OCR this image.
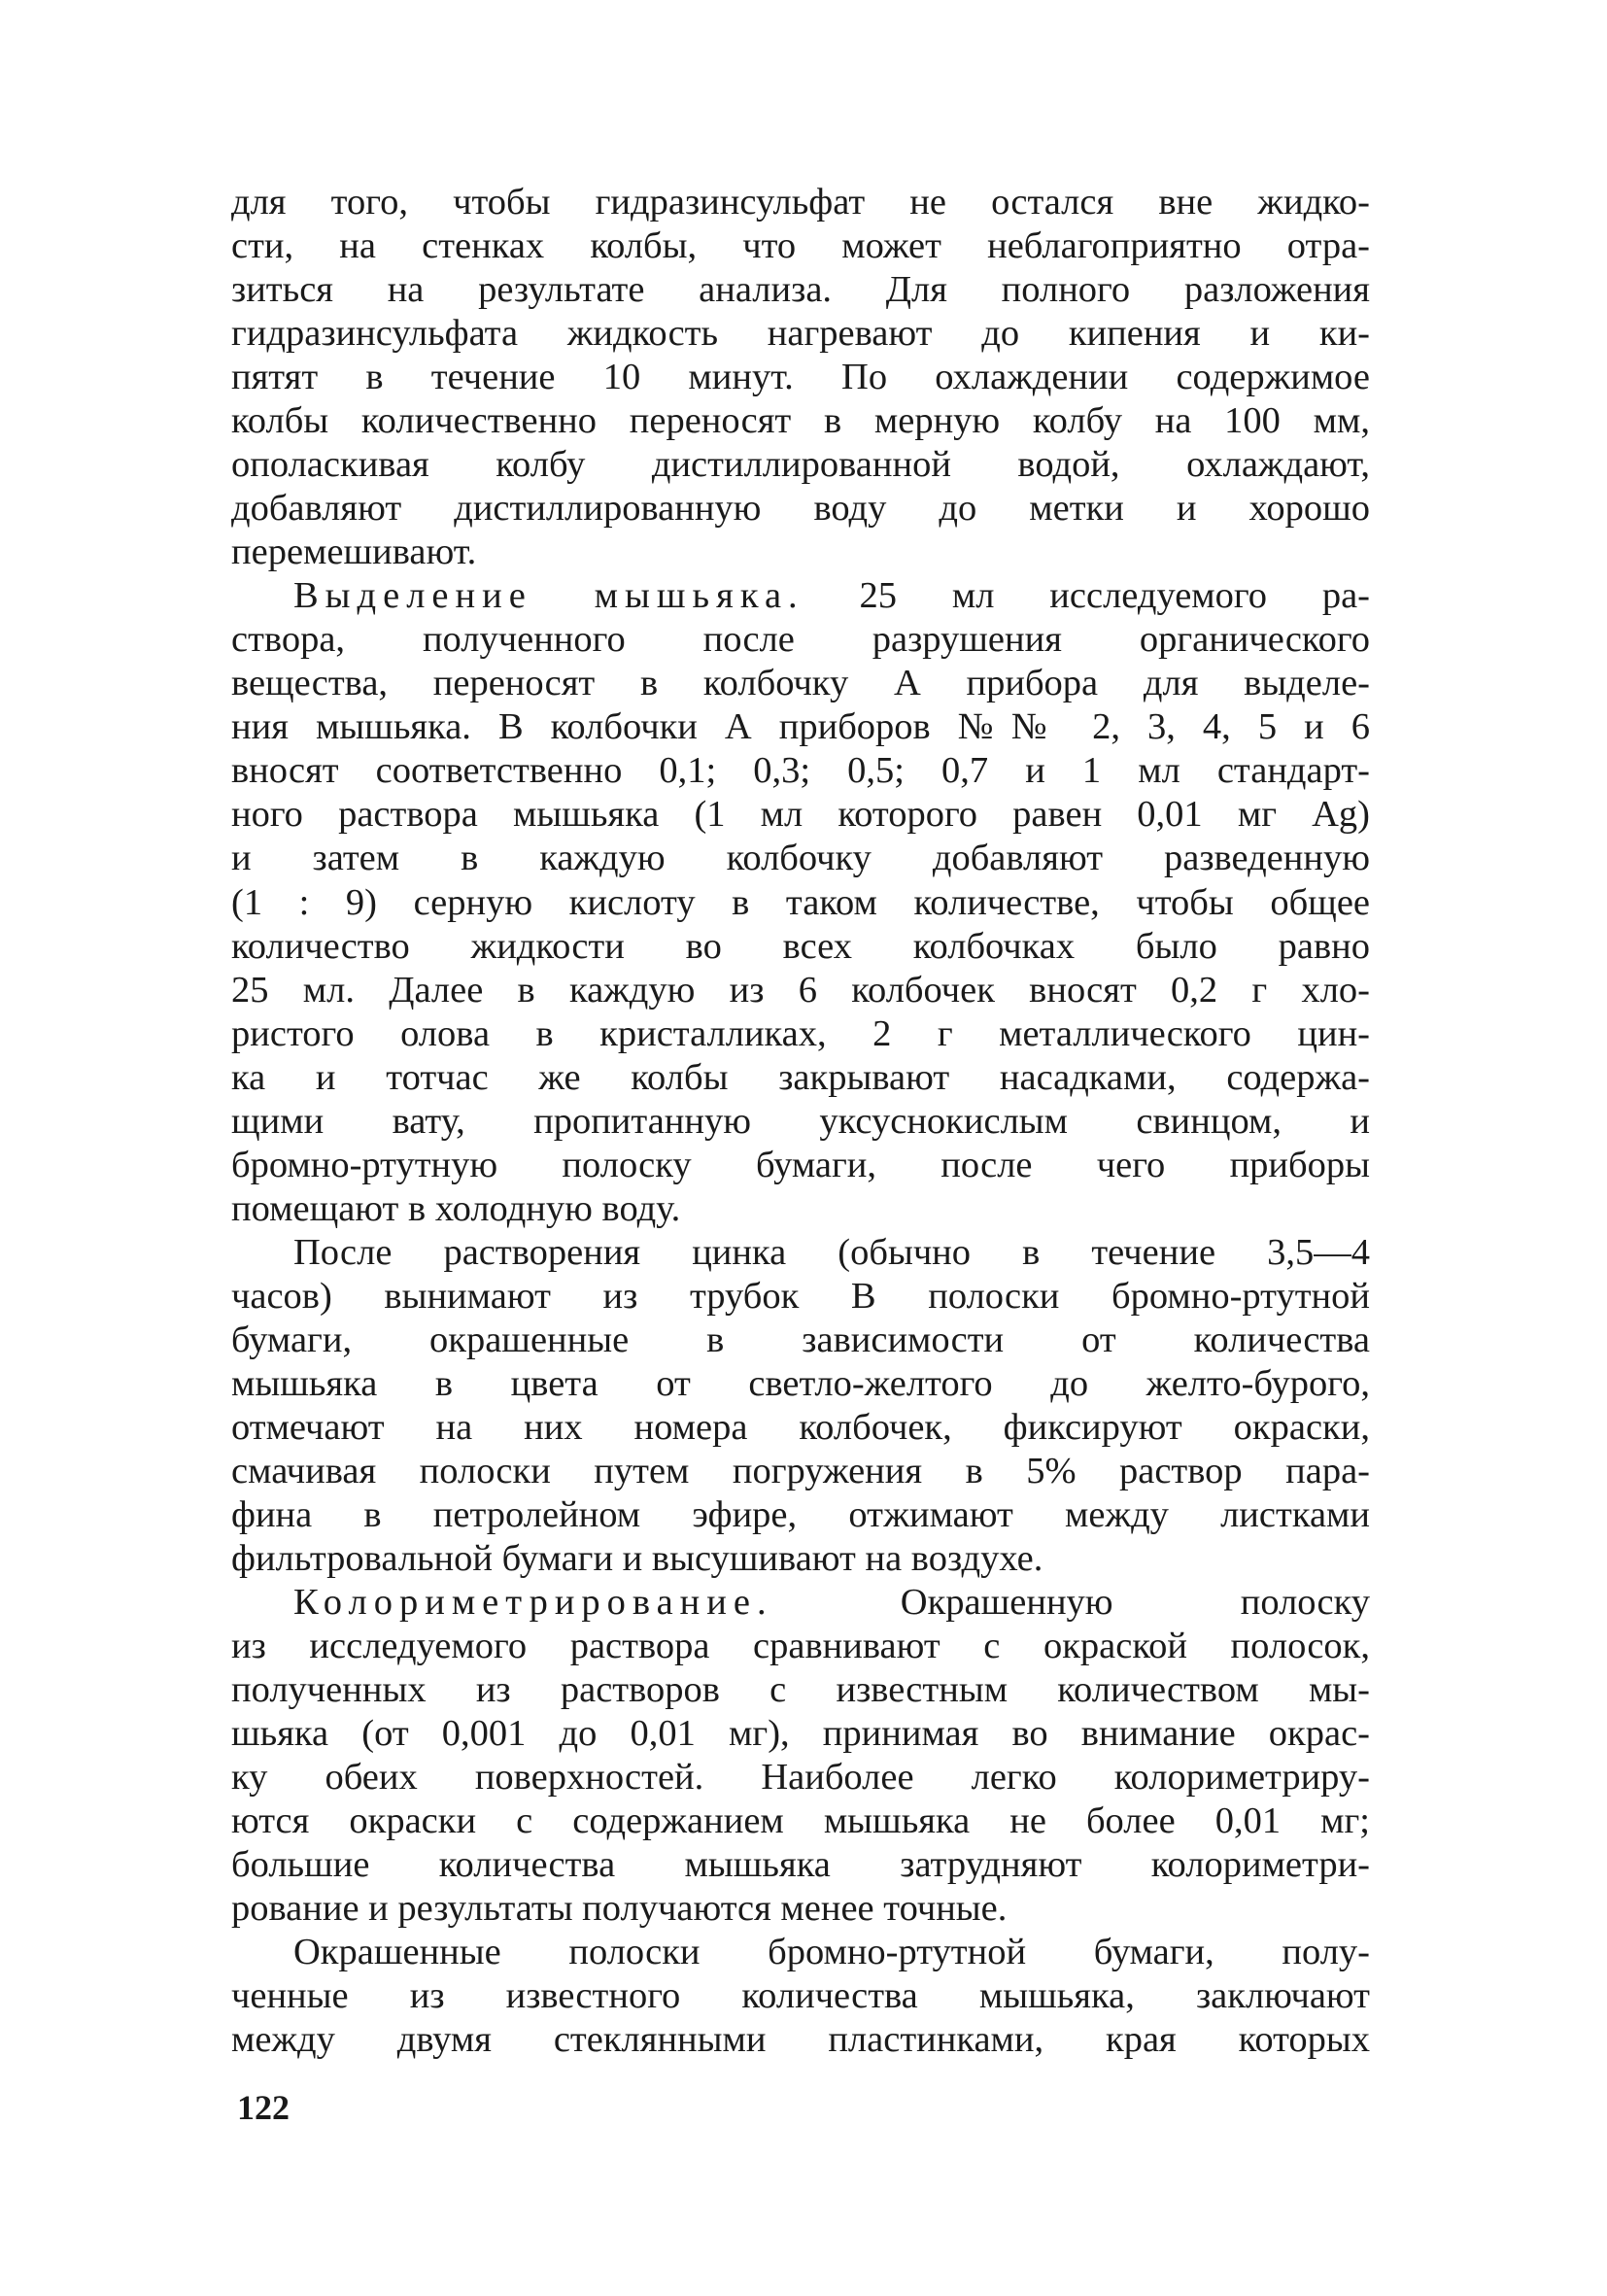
для того, чтобы гидразинсульфат не остался вне жидко-
сти, на стенках колбы, что может неблагоприятно отра-
зиться на результате анализа. Для полного разложения
гидразинсульфата жидкость нагревают до кипения и ки-
пятят в течение 10 минут. По охлаждении содержимое
колбы количественно переносят в мерную колбу на 100 мм,
ополаскивая колбу дистиллированной водой, охлаждают,
добавляют дистиллированную воду до метки и хорошо
перемешивают.
Выделение мышьяка. 25 мл исследуемого ра-
створа, полученного после разрушения органического
вещества, переносят в колбочку А прибора для выделе-
ния мышьяка. В колбочки А приборов №№ 2, 3, 4, 5 и 6
вносят соответственно 0,1; 0,3; 0,5; 0,7 и 1 мл стандарт-
ного раствора мышьяка (1 мл которого равен 0,01 мг Ag)
и затем в каждую колбочку добавляют разведенную
(1 : 9) серную кислоту в таком количестве, чтобы общее
количество жидкости во всех колбочках было равно
25 мл. Далее в каждую из 6 колбочек вносят 0,2 г хло-
ристого олова в кристалликах, 2 г металлического цин-
ка и тотчас же колбы закрывают насадками, содержа-
щими вату, пропитанную уксуснокислым свинцом, и
бромно-ртутную полоску бумаги, после чего приборы
помещают в холодную воду.
После растворения цинка (обычно в течение 3,5—4
часов) вынимают из трубок В полоски бромно-ртутной
бумаги, окрашенные в зависимости от количества
мышьяка в цвета от светло-желтого до желто-бурого,
отмечают на них номера колбочек, фиксируют окраски,
смачивая полоски путем погружения в 5% раствор пара-
фина в петролейном эфире, отжимают между листками
фильтровальной бумаги и высушивают на воздухе.
Колориметрирование. Окрашенную полоску
из исследуемого раствора сравнивают с окраской полосок,
полученных из растворов с известным количеством мы-
шьяка (от 0,001 до 0,01 мг), принимая во внимание окрас-
ку обеих поверхностей. Наиболее легко колориметриру-
ются окраски с содержанием мышьяка не более 0,01 мг;
большие количества мышьяка затрудняют колориметри-
рование и результаты получаются менее точные.
Окрашенные полоски бромно-ртутной бумаги, полу-
ченные из известного количества мышьяка, заключают
между двумя стеклянными пластинками, края которых
122
